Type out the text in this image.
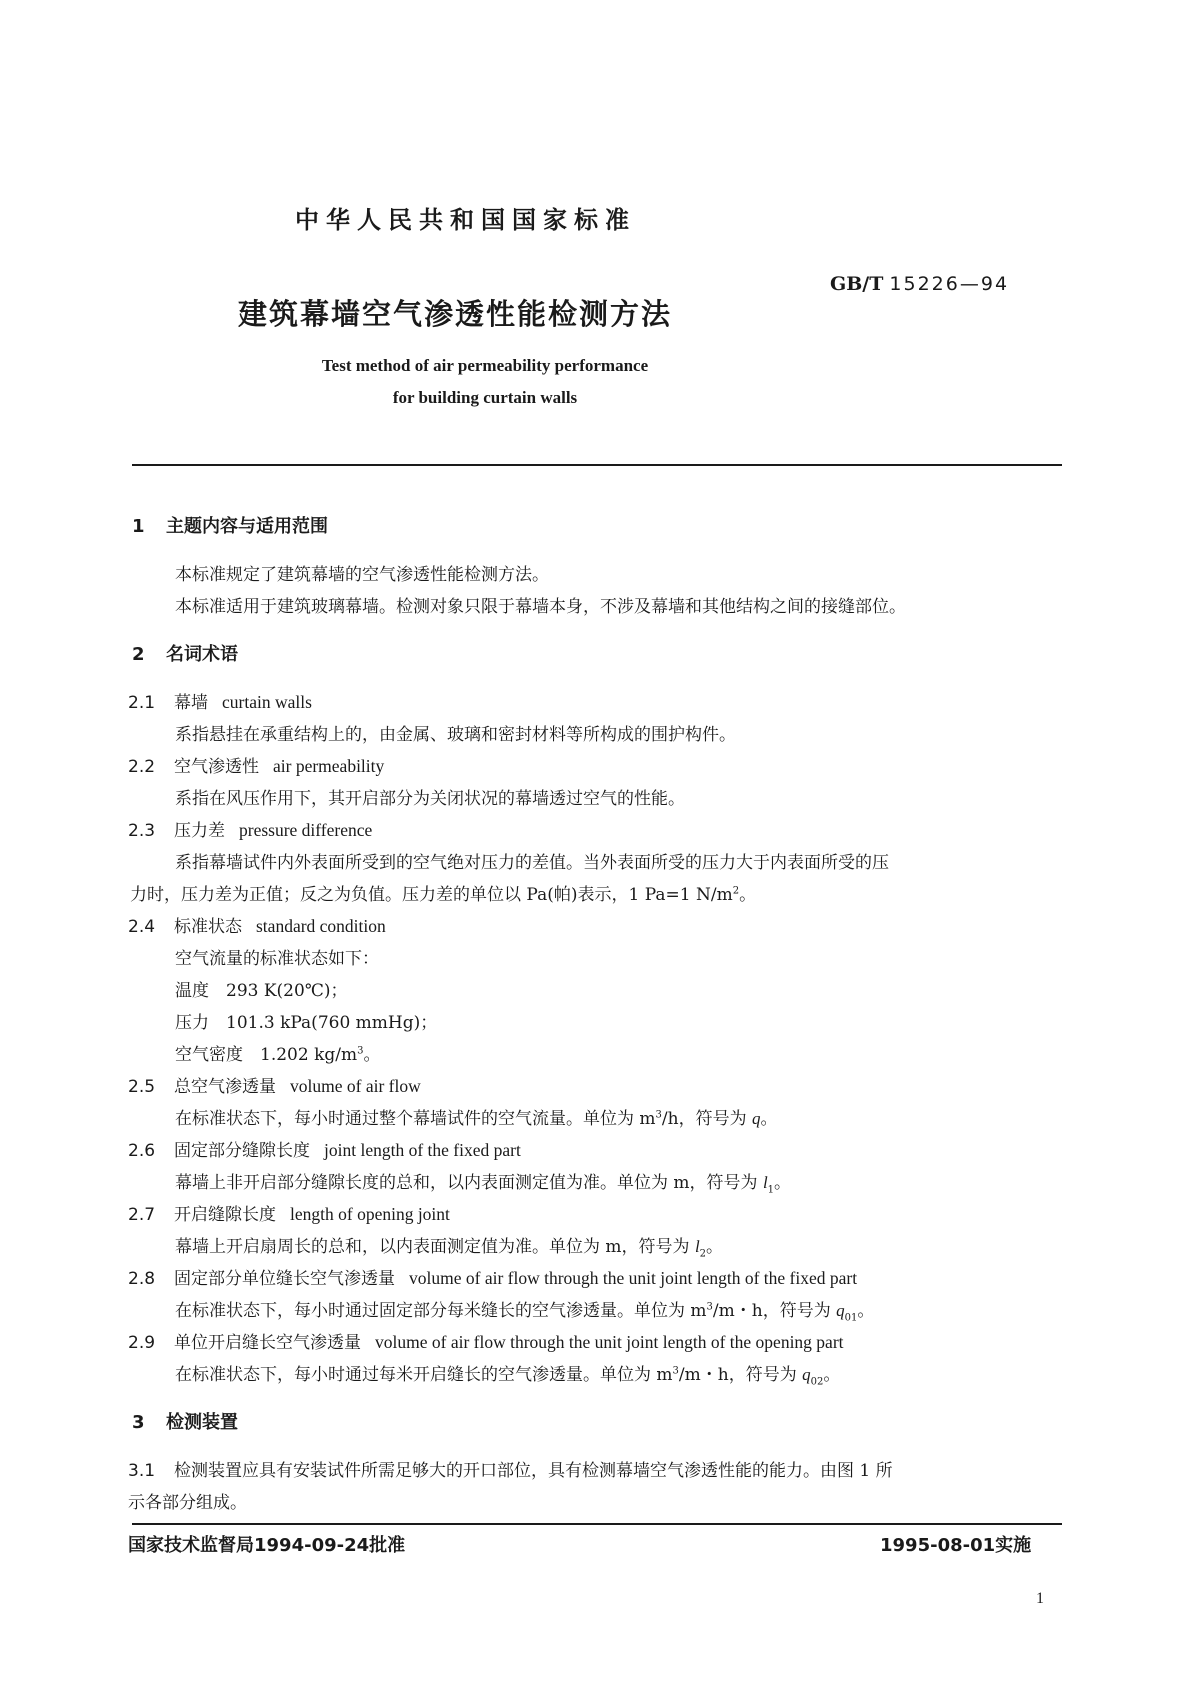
中华人民共和国国家标准
GB/T 15226—94
建筑幕墙空气渗透性能检测方法
Test method of air permeability performance
for building curtain walls
1 主题内容与适用范围
本标准规定了建筑幕墙的空气渗透性能检测方法。
本标准适用于建筑玻璃幕墙。检测对象只限于幕墙本身，不涉及幕墙和其他结构之间的接缝部位。
2 名词术语
2.1 幕墙 curtain walls
系指悬挂在承重结构上的，由金属、玻璃和密封材料等所构成的围护构件。
2.2 空气渗透性 air permeability
系指在风压作用下，其开启部分为关闭状况的幕墙透过空气的性能。
2.3 压力差 pressure difference
系指幕墙试件内外表面所受到的空气绝对压力的差值。当外表面所受的压力大于内表面所受的压
力时，压力差为正值；反之为负值。压力差的单位以 Pa(帕)表示，1 Pa=1 $N/m^2$。
2.4 标准状态 standard condition
空气流量的标准状态如下：
温度　293 K(20℃)；
压力　101.3 kPa(760 mmHg)；
空气密度　1.202 $kg/m^3$。
2.5 总空气渗透量 volume of air flow
在标准状态下，每小时通过整个幕墙试件的空气流量。单位为 $m^3/h$，符号为 q。
2.6 固定部分缝隙长度 joint length of the fixed part
幕墙上非开启部分缝隙长度的总和，以内表面测定值为准。单位为 m，符号为 $l_1$。
2.7 开启缝隙长度 length of opening joint
幕墙上开启扇周长的总和，以内表面测定值为准。单位为 m，符号为 $l_2$。
2.8 固定部分单位缝长空气渗透量 volume of air flow through the unit joint length of the fixed part
在标准状态下，每小时通过固定部分每米缝长的空气渗透量。单位为 $m^3/m$・h，符号为 $q_{01}$。
2.9 单位开启缝长空气渗透量 volume of air flow through the unit joint length of the opening part
在标准状态下，每小时通过每米开启缝长的空气渗透量。单位为 $m^3/m$・h，符号为 $q_{02}$。
3 检测装置
3.1 检测装置应具有安装试件所需足够大的开口部位，具有检测幕墙空气渗透性能的能力。由图 1 所
示各部分组成。
国家技术监督局1994-09-24批准	1995-08-01实施
1
